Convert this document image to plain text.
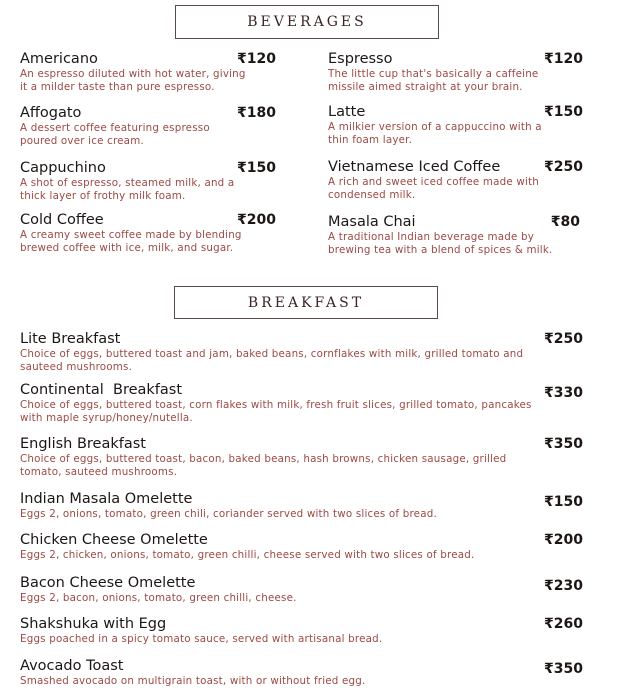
BEVERAGES
Americano	₹120
An espresso diluted with hot water, giving it a milder taste than pure espresso.
Affogato	₹180
A dessert coffee featuring espresso poured over ice cream.
Cappuchino	₹150
A shot of espresso, steamed milk, and a thick layer of frothy milk foam.
Cold Coffee	₹200
A creamy sweet coffee made by blending brewed coffee with ice, milk, and sugar.
Espresso	₹120
The little cup that's basically a caffeine missile aimed straight at your brain.
Latte	₹150
A milkier version of a cappuccino with a thin foam layer.
Vietnamese Iced Coffee	₹250
A rich and sweet iced coffee made with condensed milk.
Masala Chai	₹80
A traditional Indian beverage made by brewing tea with a blend of spices & milk.
BREAKFAST
Lite Breakfast	₹250
Choice of eggs, buttered toast and jam, baked beans, cornflakes with milk, grilled tomato and sauteed mushrooms.
Continental  Breakfast	₹330
Choice of eggs, buttered toast, corn flakes with milk, fresh fruit slices, grilled tomato, pancakes with maple syrup/honey/nutella.
English Breakfast	₹350
Choice of eggs, buttered toast, bacon, baked beans, hash browns, chicken sausage, grilled tomato, sauteed mushrooms.
Indian Masala Omelette	₹150
Eggs 2, onions, tomato, green chili, coriander served with two slices of bread.
Chicken Cheese Omelette	₹200
Eggs 2, chicken, onions, tomato, green chilli, cheese served with two slices of bread.
Bacon Cheese Omelette	₹230
Eggs 2, bacon, onions, tomato, green chilli, cheese.
Shakshuka with Egg	₹260
Eggs poached in a spicy tomato sauce, served with artisanal bread.
Avocado Toast	₹350
Smashed avocado on multigrain toast, with or without fried egg.
